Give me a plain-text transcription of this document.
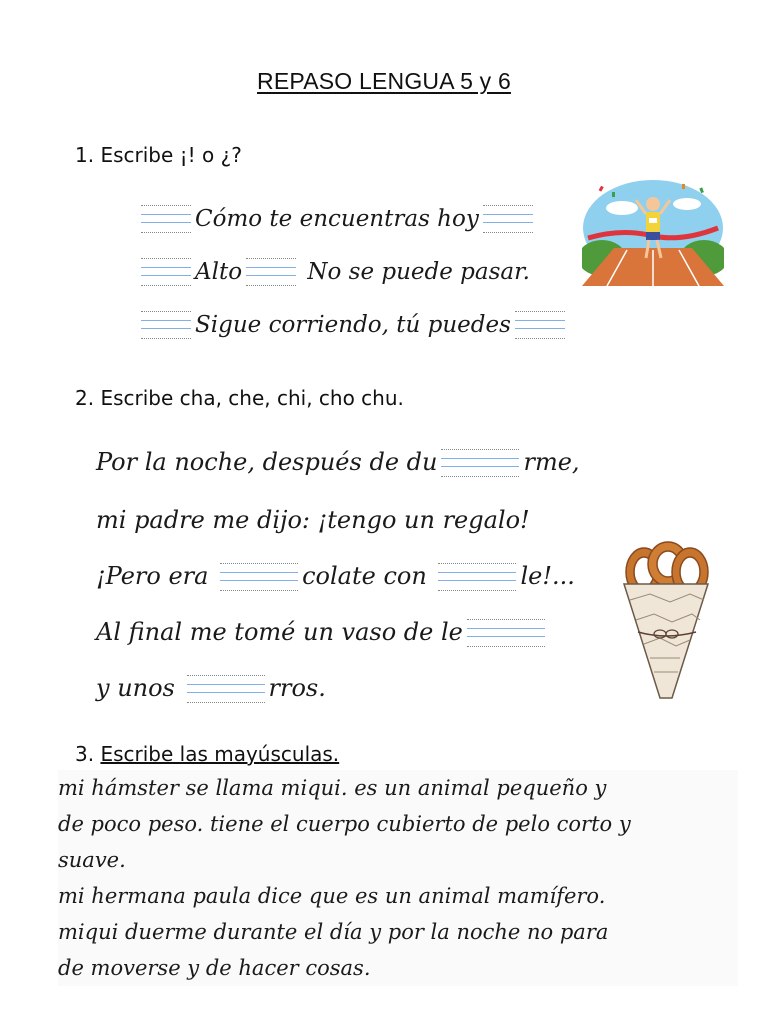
REPASO LENGUA 5 y 6
1. Escribe ¡! o ¿?
Cómo te encuentras hoy
Alto	No se puede pasar.
Sigue corriendo, tú puedes
2. Escribe cha, che, chi, cho chu.
Por la noche, después de du	rme,
mi padre me dijo: ¡tengo un regalo!
¡Pero era	colate con	le!...
Al final me tomé un vaso de le
y unos	rros.
3. Escribe las mayúsculas.
mi hámster se llama miqui. es un animal pequeño y
de poco peso. tiene el cuerpo cubierto de pelo corto y
suave.
mi hermana paula dice que es un animal mamífero.
miqui duerme durante el día y por la noche no para
de moverse y de hacer cosas.
